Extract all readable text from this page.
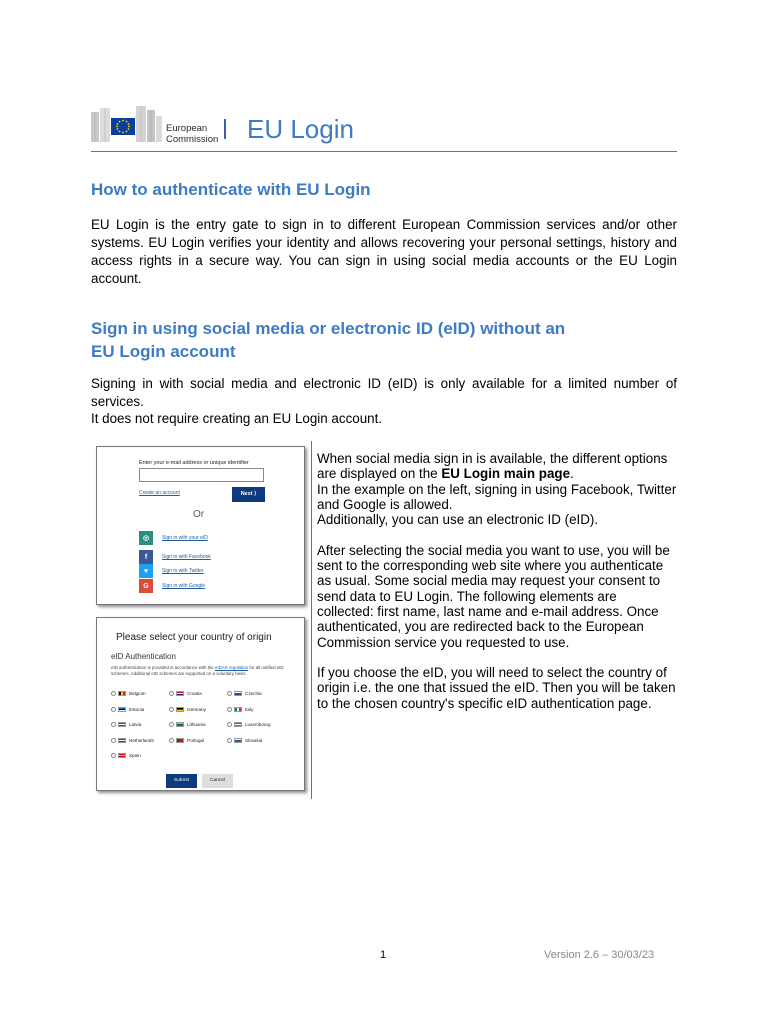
European
Commission EU Login
How to authenticate with EU Login
EU Login is the entry gate to sign in to different European Commission services and/or other systems. EU Login verifies your identity and allows recovering your personal settings, history and access rights in a secure way. You can sign in using social media accounts or the EU Login account.
Sign in using social media or electronic ID (eID) without an
EU Login account
Signing in with social media and electronic ID (eID) is only available for a limited number of services.
It does not require creating an EU Login account.
Enter your e-mail address or unique identifier
Create an account	Next ⟩
Or
◎	Sign in with your eID
f	Sign in with Facebook
♥	Sign in with Twitter
G	Sign in with Google
Please select your country of origin
eID Authentication
eID authentication is provided in accordance with the eIDAS regulation for all notified eID schemes. Additional eID schemes are supported on a voluntary basis.
Belgium	Croatia	Czechia
Estonia	Germany	Italy
Latvia	Lithuania	Luxembourg
Netherlands	Portugal	Slovakia
Spain
Submit	Cancel

When social media sign in is available, the different options are displayed on the EU Login main page.
In the example on the left, signing in using Facebook, Twitter and Google is allowed.
Additionally, you can use an electronic ID (eID).

After selecting the social media you want to use, you will be sent to the corresponding web site where you authenticate as usual. Some social media may request your consent to send data to EU Login. The following elements are collected: first name, last name and e-mail address. Once authenticated, you are redirected back to the European Commission service you requested to use.

If you choose the eID, you will need to select the country of origin i.e. the one that issued the eID. Then you will be taken to the chosen country's specific eID authentication page.

1	Version 2.6 – 30/03/23
